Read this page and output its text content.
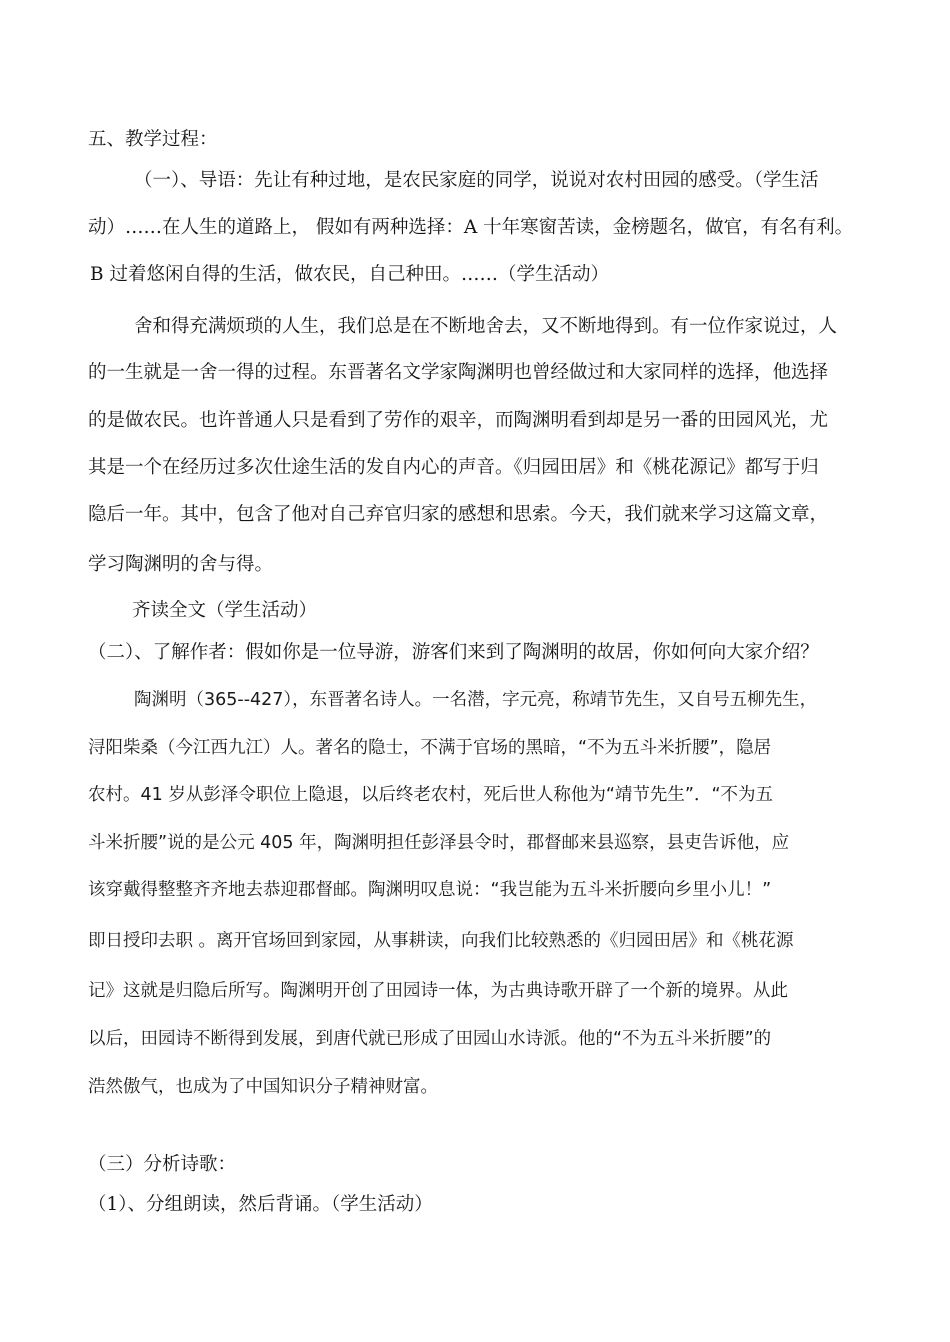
五、教学过程：

（一）、导语：先让有种过地，是农民家庭的同学，说说对农村田园的感受。（学生活

动）……在人生的道路上， 假如有两种选择：A 十年寒窗苦读，金榜题名，做官，有名有利。

B 过着悠闲自得的生活，做农民，自己种田。……（学生活动）

舍和得充满烦琐的人生，我们总是在不断地舍去，又不断地得到。有一位作家说过，人

的一生就是一舍一得的过程。东晋著名文学家陶渊明也曾经做过和大家同样的选择，他选择

的是做农民。也许普通人只是看到了劳作的艰辛，而陶渊明看到却是另一番的田园风光，尤

其是一个在经历过多次仕途生活的发自内心的声音。《归园田居》和《桃花源记》都写于归

隐后一年。其中，包含了他对自己弃官归家的感想和思索。今天，我们就来学习这篇文章，

学习陶渊明的舍与得。

齐读全文（学生活动）

（二）、了解作者：假如你是一位导游，游客们来到了陶渊明的故居，你如何向大家介绍？

陶渊明（365--427），东晋著名诗人。一名潜，字元亮，称靖节先生，又自号五柳先生，

浔阳柴桑（今江西九江）人。著名的隐士，不满于官场的黑暗，“不为五斗米折腰”，隐居

农村。41 岁从彭泽令职位上隐退，以后终老农村，死后世人称他为“靖节先生”．“不为五

斗米折腰”说的是公元 405 年，陶渊明担任彭泽县令时，郡督邮来县巡察，县吏告诉他，应

该穿戴得整整齐齐地去恭迎郡督邮。陶渊明叹息说：“我岂能为五斗米折腰向乡里小儿！”

即日授印去职 。离开官场回到家园，从事耕读，向我们比较熟悉的《归园田居》和《桃花源

记》这就是归隐后所写。陶渊明开创了田园诗一体，为古典诗歌开辟了一个新的境界。从此

以后，田园诗不断得到发展，到唐代就已形成了田园山水诗派。他的“不为五斗米折腰”的

浩然傲气，也成为了中国知识分子精神财富。

（三）分析诗歌：

（1）、分组朗读，然后背诵。（学生活动）
